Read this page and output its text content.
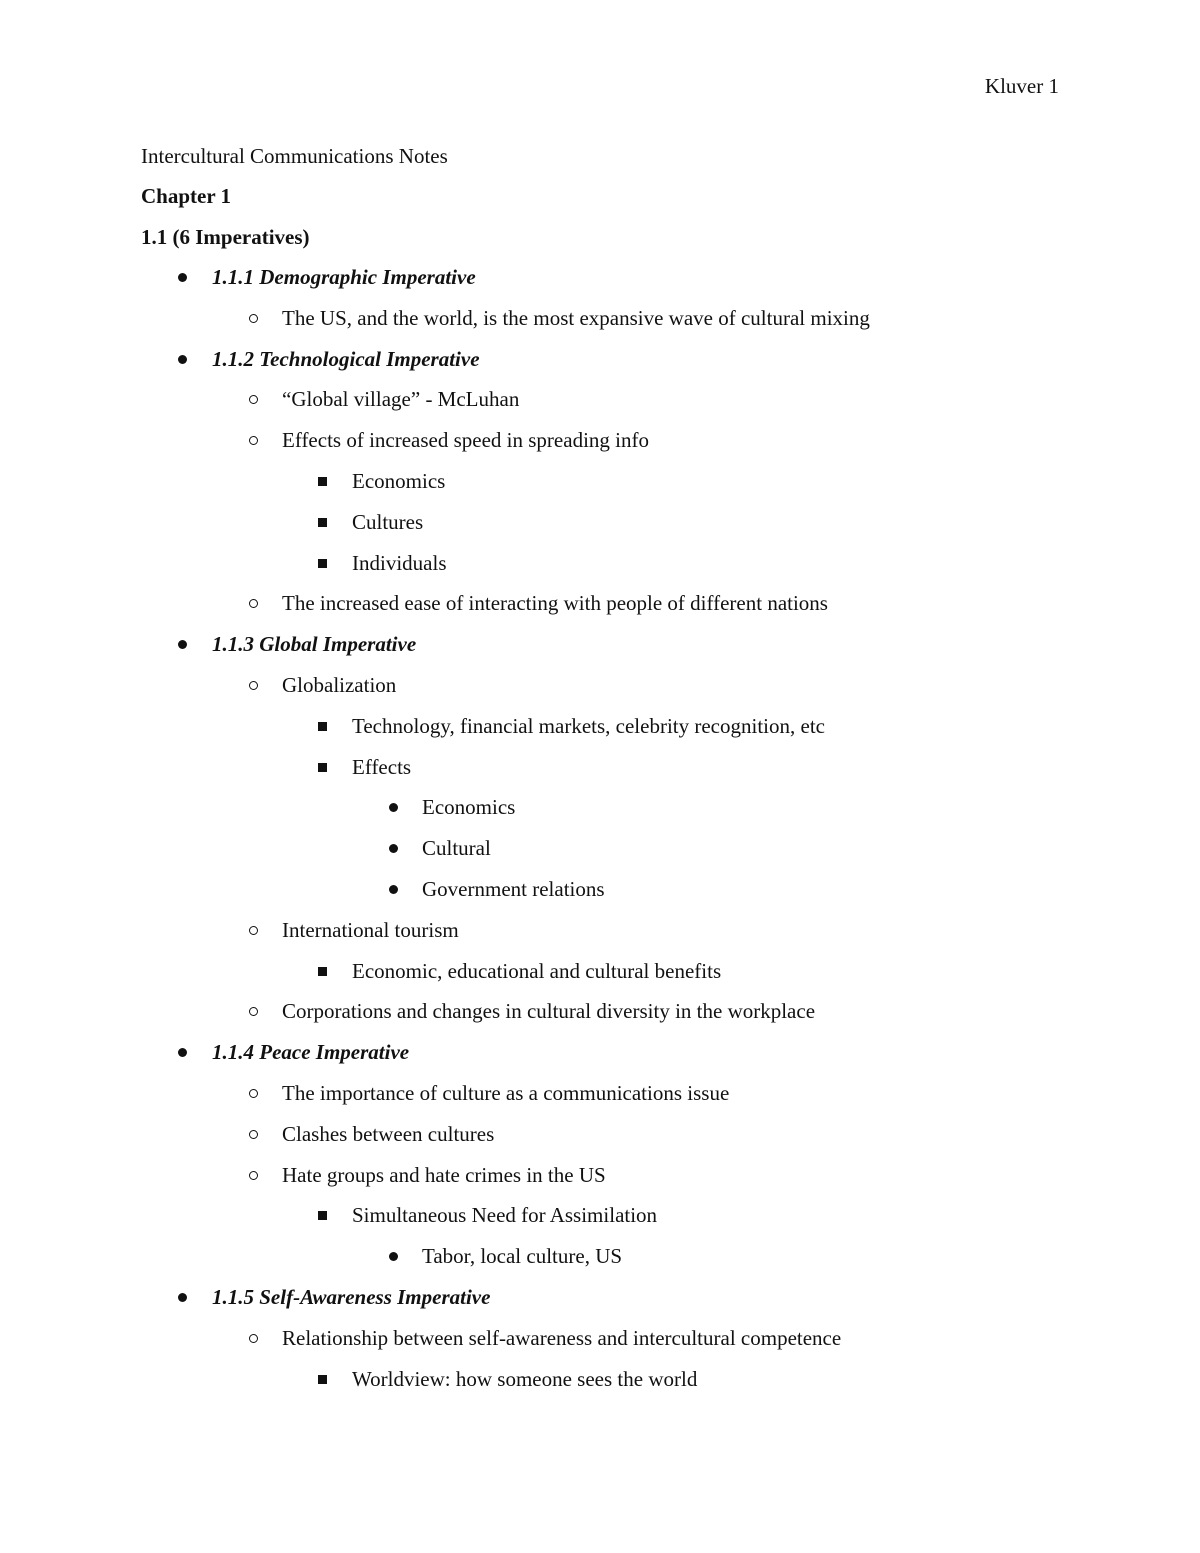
Kluver 1
Intercultural Communications Notes
Chapter 1
1.1 (6 Imperatives)
1.1.1 Demographic Imperative
The US, and the world, is the most expansive wave of cultural mixing
1.1.2 Technological Imperative
“Global village” - McLuhan
Effects of increased speed in spreading info
Economics
Cultures
Individuals
The increased ease of interacting with people of different nations
1.1.3 Global Imperative
Globalization
Technology, financial markets, celebrity recognition, etc
Effects
Economics
Cultural
Government relations
International tourism
Economic, educational and cultural benefits
Corporations and changes in cultural diversity in the workplace
1.1.4 Peace Imperative
The importance of culture as a communications issue
Clashes between cultures
Hate groups and hate crimes in the US
Simultaneous Need for Assimilation
Tabor, local culture, US
1.1.5 Self-Awareness Imperative
Relationship between self-awareness and intercultural competence
Worldview: how someone sees the world
